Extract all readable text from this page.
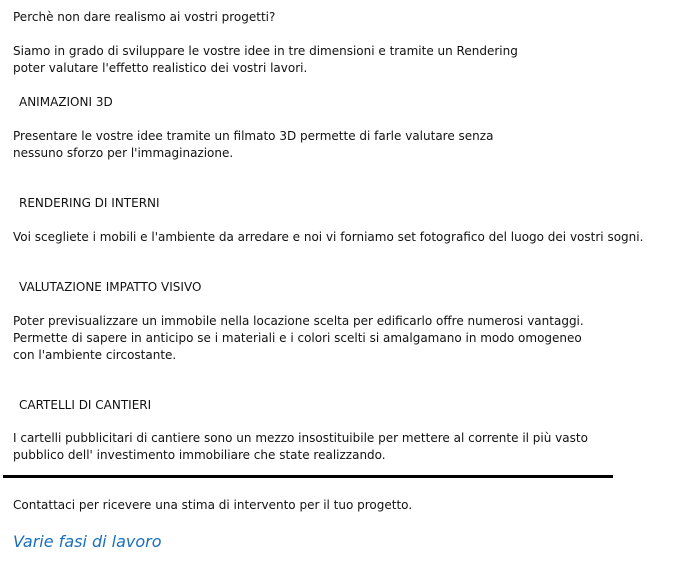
Perchè non dare realismo ai vostri progetti?

Siamo in grado di sviluppare le vostre idee in tre dimensioni e tramite un Rendering

poter valutare l'effetto realistico dei vostri lavori.

ANIMAZIONI 3D

Presentare le vostre idee tramite un filmato 3D permette di farle valutare senza

nessuno sforzo per l'immaginazione.

RENDERING DI INTERNI

Voi scegliete i mobili e l'ambiente da arredare e noi vi forniamo set fotografico del luogo dei vostri sogni.

VALUTAZIONE IMPATTO VISIVO

Poter previsualizzare un immobile nella locazione scelta per edificarlo offre numerosi vantaggi.

Permette di sapere in anticipo se i materiali e i colori scelti si amalgamano in modo omogeneo

con l'ambiente circostante.

CARTELLI DI CANTIERI

I cartelli pubblicitari di cantiere sono un mezzo insostituibile per mettere al corrente il più vasto

pubblico dell' investimento immobiliare che state realizzando.

Contattaci per ricevere una stima di intervento per il tuo progetto.

Varie fasi di lavoro
